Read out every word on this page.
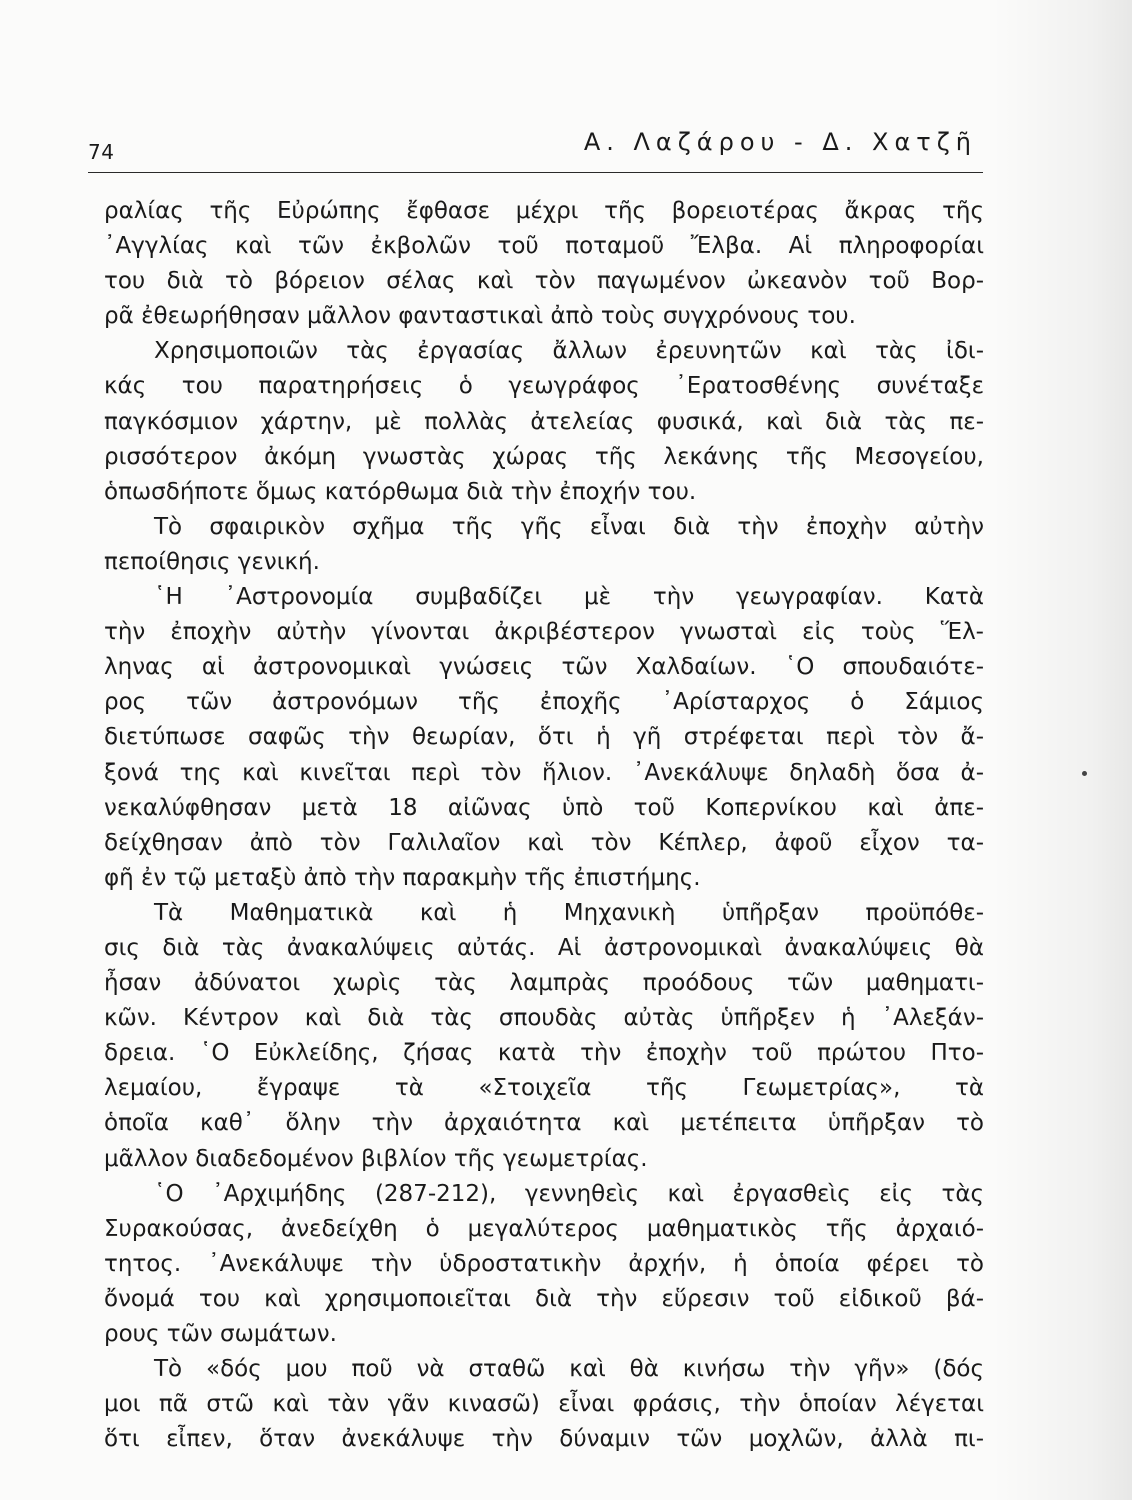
74	Α. Λαζάρου - Δ. Χατζῆ
ραλίας τῆς Εὐρώπης ἔφθασε μέχρι τῆς βορειοτέρας ἄκρας τῆς
᾿Αγγλίας καὶ τῶν ἐκβολῶν τοῦ ποταμοῦ Ἔλβα. Αἱ πληροφορίαι
του διὰ τὸ βόρειον σέλας καὶ τὸν παγωμένον ὠκεανὸν τοῦ Βορ-
ρᾶ ἐθεωρήθησαν μᾶλλον φανταστικαὶ ἀπὸ τοὺς συγχρόνους του.
Χρησιμοποιῶν τὰς ἐργασίας ἄλλων ἐρευνητῶν καὶ τὰς ἰδι-
κάς του παρατηρήσεις ὁ γεωγράφος ᾿Ερατοσθένης συνέταξε
παγκόσμιον χάρτην, μὲ πολλὰς ἀτελείας φυσικά, καὶ διὰ τὰς πε-
ρισσότερον ἀκόμη γνωστὰς χώρας τῆς λεκάνης τῆς Μεσογείου,
ὁπωσδήποτε ὅμως κατόρθωμα διὰ τὴν ἐποχήν του.
Τὸ σφαιρικὸν σχῆμα τῆς γῆς εἶναι διὰ τὴν ἐποχὴν αὐτὴν
πεποίθησις γενική.
῾Η ᾿Αστρονομία συμβαδίζει μὲ τὴν γεωγραφίαν. Κατὰ
τὴν ἐποχὴν αὐτὴν γίνονται ἀκριβέστερον γνωσταὶ εἰς τοὺς Ἕλ-
ληνας αἱ ἀστρονομικαὶ γνώσεις τῶν Χαλδαίων. ῾Ο σπουδαιότε-
ρος τῶν ἀστρονόμων τῆς ἐποχῆς ᾿Αρίσταρχος ὁ Σάμιος
διετύπωσε σαφῶς τὴν θεωρίαν, ὅτι ἡ γῆ στρέφεται περὶ τὸν ἄ-
ξονά της καὶ κινεῖται περὶ τὸν ἥλιον. ᾿Ανεκάλυψε δηλαδὴ ὅσα ἀ-
νεκαλύφθησαν μετὰ 18 αἰῶνας ὑπὸ τοῦ Κοπερνίκου καὶ ἀπε-
δείχθησαν ἀπὸ τὸν Γαλιλαῖον καὶ τὸν Κέπλερ, ἀφοῦ εἶχον τα-
φῆ ἐν τῷ μεταξὺ ἀπὸ τὴν παρακμὴν τῆς ἐπιστήμης.
Τὰ Μαθηματικὰ καὶ ἡ Μηχανικὴ ὑπῆρξαν προϋπόθε-
σις διὰ τὰς ἀνακαλύψεις αὐτάς. Αἱ ἀστρονομικαὶ ἀνακαλύψεις θὰ
ἦσαν ἀδύνατοι χωρὶς τὰς λαμπρὰς προόδους τῶν μαθηματι-
κῶν. Κέντρον καὶ διὰ τὰς σπουδὰς αὐτὰς ὑπῆρξεν ἡ ᾿Αλεξάν-
δρεια. ῾Ο Εὐκλείδης, ζήσας κατὰ τὴν ἐποχὴν τοῦ πρώτου Πτο-
λεμαίου, ἔγραψε τὰ «Στοιχεῖα τῆς Γεωμετρίας», τὰ
ὁποῖα καθ᾿ ὅλην τὴν ἀρχαιότητα καὶ μετέπειτα ὑπῆρξαν τὸ
μᾶλλον διαδεδομένον βιβλίον τῆς γεωμετρίας.
῾Ο ᾿Αρχιμήδης (287-212), γεννηθεὶς καὶ ἐργασθεὶς εἰς τὰς
Συρακούσας, ἀνεδείχθη ὁ μεγαλύτερος μαθηματικὸς τῆς ἀρχαιό-
τητος. ᾿Ανεκάλυψε τὴν ὑδροστατικὴν ἀρχήν, ἡ ὁποία φέρει τὸ
ὄνομά του καὶ χρησιμοποιεῖται διὰ τὴν εὕρεσιν τοῦ εἰδικοῦ βά-
ρους τῶν σωμάτων.
Τὸ «δός μου ποῦ νὰ σταθῶ καὶ θὰ κινήσω τὴν γῆν» (δός
μοι πᾶ στῶ καὶ τὰν γᾶν κινασῶ) εἶναι φράσις, τὴν ὁποίαν λέγεται
ὅτι εἶπεν, ὅταν ἀνεκάλυψε τὴν δύναμιν τῶν μοχλῶν, ἀλλὰ πι-
